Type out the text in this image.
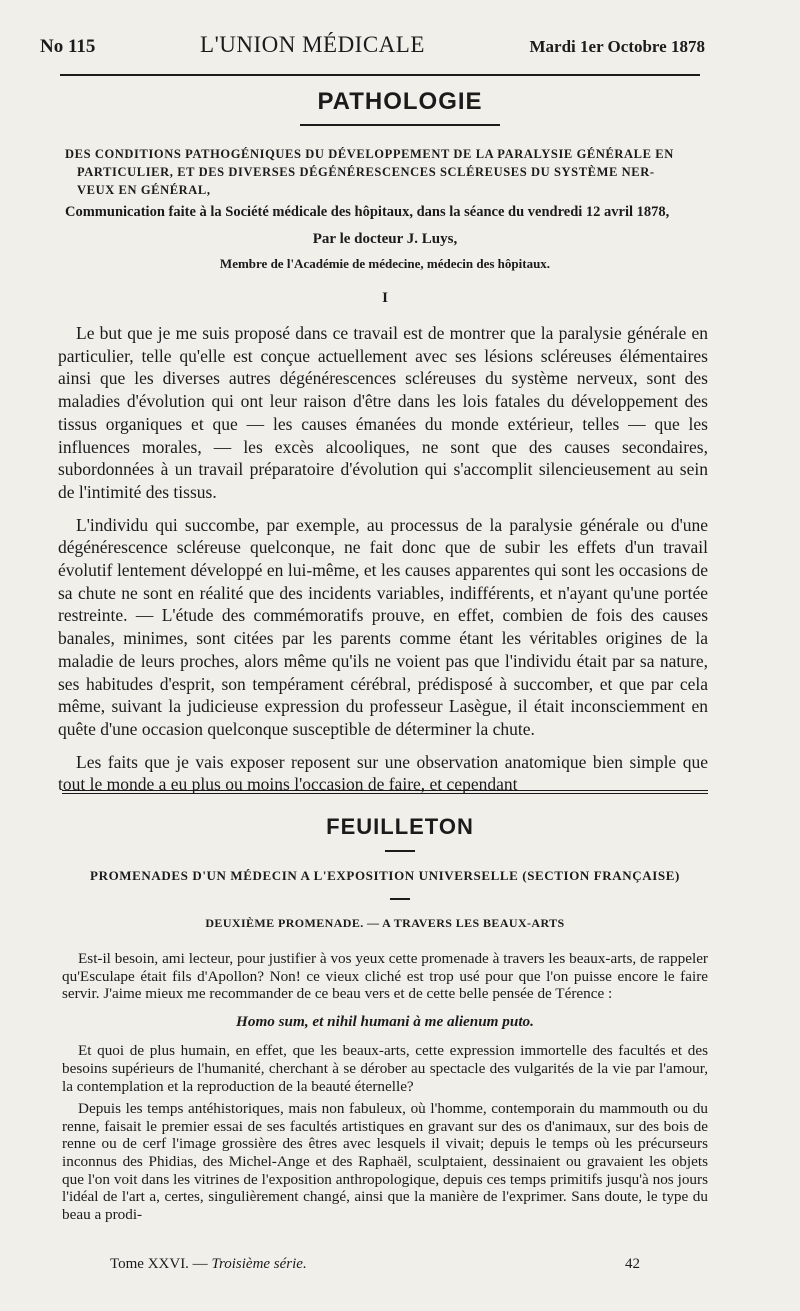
No 115	L'UNION MÉDICALE	Mardi 1er Octobre 1878
PATHOLOGIE
DES CONDITIONS PATHOGÉNIQUES DU DÉVELOPPEMENT DE LA PARALYSIE GÉNÉRALE EN
PARTICULIER, ET DES DIVERSES DÉGÉNÉRESCENCES SCLÉREUSES DU SYSTÈME NER-
VEUX EN GÉNÉRAL,
Communication faite à la Société médicale des hôpitaux, dans la séance du vendredi 12 avril 1878,
Par le docteur J. Luys,
Membre de l'Académie de médecine, médecin des hôpitaux.
I

Le but que je me suis proposé dans ce travail est de montrer que la paralysie générale en particulier, telle qu'elle est conçue actuellement avec ses lésions scléreuses élémentaires ainsi que les diverses autres dégénérescences scléreuses du système nerveux, sont des maladies d'évolution qui ont leur raison d'être dans les lois fatales du développement des tissus organiques et que — les causes émanées du monde extérieur, telles — que les influences morales, — les excès alcooliques, ne sont que des causes secondaires, subordonnées à un travail préparatoire d'évolution qui s'accomplit silencieusement au sein de l'intimité des tissus.

L'individu qui succombe, par exemple, au processus de la paralysie générale ou d'une dégénérescence scléreuse quelconque, ne fait donc que de subir les effets d'un travail évolutif lentement développé en lui-même, et les causes apparentes qui sont les occasions de sa chute ne sont en réalité que des incidents variables, indifférents, et n'ayant qu'une portée restreinte. — L'étude des commémoratifs prouve, en effet, combien de fois des causes banales, minimes, sont citées par les parents comme étant les véritables origines de la maladie de leurs proches, alors même qu'ils ne voient pas que l'individu était par sa nature, ses habitudes d'esprit, son tempérament cérébral, prédisposé à succomber, et que par cela même, suivant la judicieuse expression du professeur Lasègue, il était inconsciemment en quête d'une occasion quelconque susceptible de déterminer la chute.

Les faits que je vais exposer reposent sur une observation anatomique bien simple que tout le monde a eu plus ou moins l'occasion de faire, et cependant

FEUILLETON
PROMENADES D'UN MÉDECIN A L'EXPOSITION UNIVERSELLE (SECTION FRANÇAISE)
DEUXIÈME PROMENADE. — A TRAVERS LES BEAUX-ARTS

Est-il besoin, ami lecteur, pour justifier à vos yeux cette promenade à travers les beaux-arts, de rappeler qu'Esculape était fils d'Apollon? Non! ce vieux cliché est trop usé pour que l'on puisse encore le faire servir. J'aime mieux me recommander de ce beau vers et de cette belle pensée de Térence :

Homo sum, et nihil humani à me alienum puto.

Et quoi de plus humain, en effet, que les beaux-arts, cette expression immortelle des facultés et des besoins supérieurs de l'humanité, cherchant à se dérober au spectacle des vulgarités de la vie par l'amour, la contemplation et la reproduction de la beauté éternelle?

Depuis les temps antéhistoriques, mais non fabuleux, où l'homme, contemporain du mammouth ou du renne, faisait le premier essai de ses facultés artistiques en gravant sur des os d'animaux, sur des bois de renne ou de cerf l'image grossière des êtres avec lesquels il vivait; depuis le temps où les précurseurs inconnus des Phidias, des Michel-Ange et des Raphaël, sculptaient, dessinaient ou gravaient les objets que l'on voit dans les vitrines de l'exposition anthropologique, depuis ces temps primitifs jusqu'à nos jours l'idéal de l'art a, certes, singulièrement changé, ainsi que la manière de l'exprimer. Sans doute, le type du beau a prodi-

Tome XXVI. — Troisième série.	42
